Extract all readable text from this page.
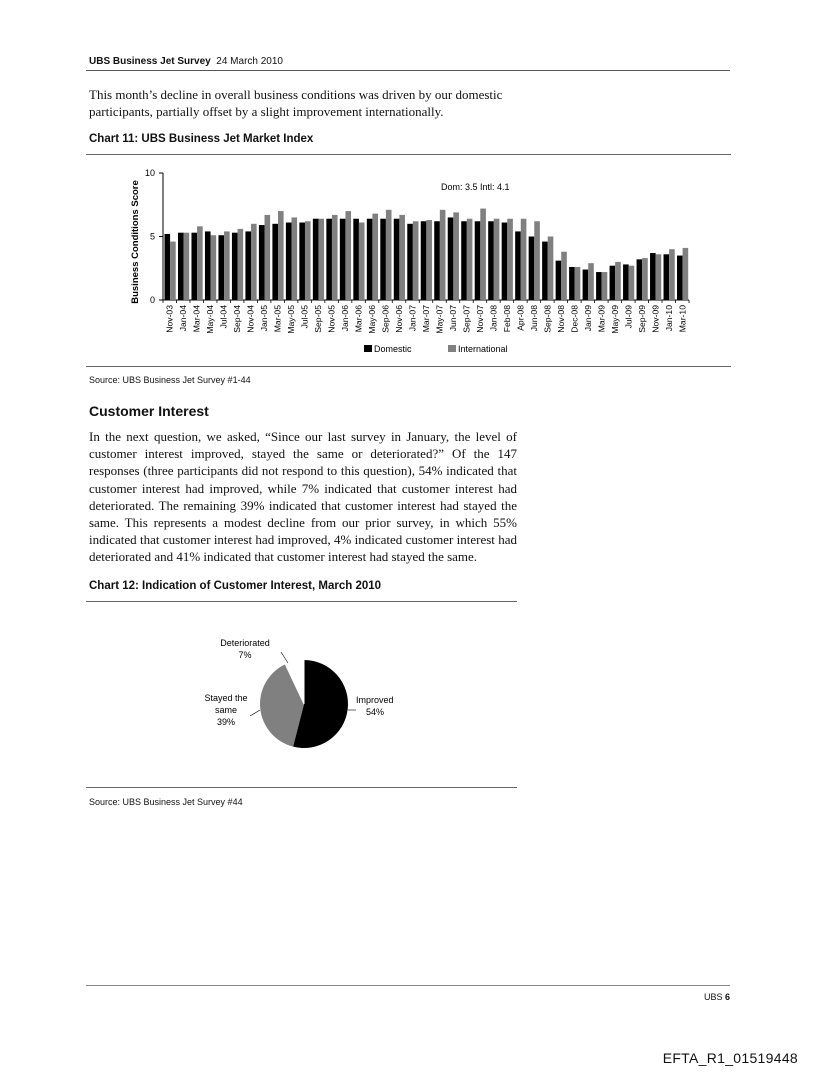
UBS Business Jet Survey 24 March 2010
This month’s decline in overall business conditions was driven by our domestic participants, partially offset by a slight improvement internationally.
Chart 11: UBS Business Jet Market Index
0
5
10
Nov-03 Jan-04 Mar-04 May-04 Jul-04 Sep-04 Nov-04 Jan-05 Mar-05 May-05 Jul-05 Sep-05 Nov-05 Jan-06 Mar-06 May-06 Sep-06 Nov-06 Jan-07 Mar-07 May-07 Jun-07 Sep-07 Nov-07 Jan-08 Feb-08 Apr-08 Jun-08 Sep-08 Nov-08 Dec-08 Jan-09 Mar-09 May-09 Jul-09 Sep-09 Nov-09 Jan-10 Mar-10
Business Conditions Score	Dom: 3.5 Intl: 4.1
Domestic	International
Source: UBS Business Jet Survey #1-44
Customer Interest
In the next question, we asked, “Since our last survey in January, the level of customer interest improved, stayed the same or deteriorated?” Of the 147 responses (three participants did not respond to this question), 54% indicated that customer interest had improved, while 7% indicated that customer interest had deteriorated. The remaining 39% indicated that customer interest had stayed the same. This represents a modest decline from our prior survey, in which 55% indicated that customer interest had improved, 4% indicated customer interest had deteriorated and 41% indicated that customer interest had stayed the same.
Chart 12: Indication of Customer Interest, March 2010
Improved
54%
Stayed the
same
39%
Deteriorated
7%
Source: UBS Business Jet Survey #44
UBS 6
EFTA_R1_01519448
